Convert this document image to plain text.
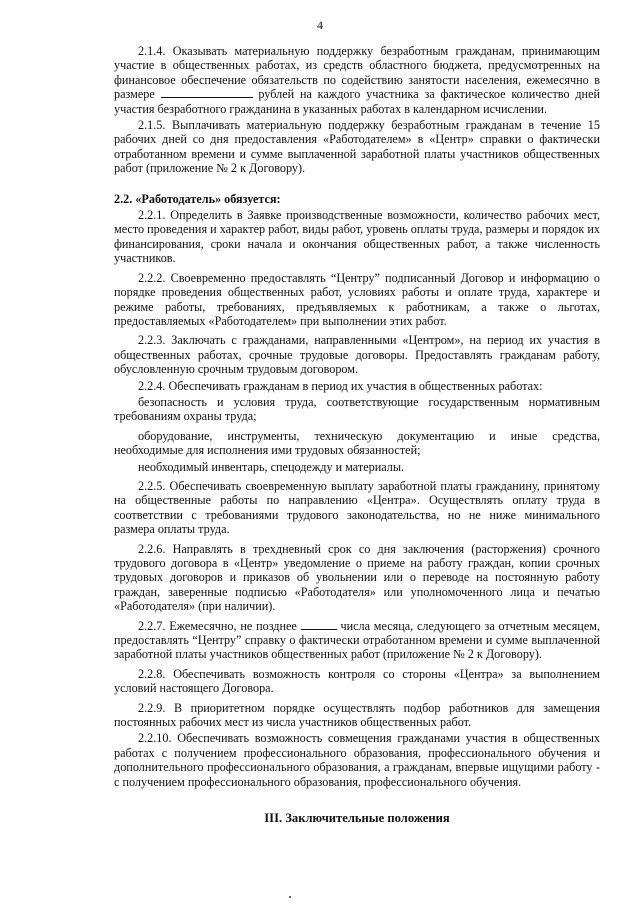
4

2.1.4. Оказывать материальную поддержку безработным гражданам, принимающим участие в общественных работах, из средств областного бюджета, предусмотренных на финансовое обеспечение обязательств по содействию занятости населения, ежемесячно в размере	рублей на каждого участника за фактическое количество дней участия безработного гражданина в указанных работах в календарном исчислении.

2.1.5. Выплачивать материальную поддержку безработным гражданам в течение 15 рабочих дней со дня предоставления «Работодателем» в «Центр» справки о фактически отработанном времени и сумме выплаченной заработной платы участников общественных работ (приложение № 2 к Договору).

2.2. «Работодатель» обязуется:

2.2.1. Определить в Заявке производственные возможности, количество рабочих мест, место проведения и характер работ, виды работ, уровень оплаты труда, размеры и порядок их финансирования, сроки начала и окончания общественных работ, а также численность участников.

2.2.2. Своевременно предоставлять “Центру” подписанный Договор и информацию о порядке проведения общественных работ, условиях работы и оплате труда, характере и режиме работы, требованиях, предъявляемых к работникам, а также о льготах, предоставляемых «Работодателем» при выполнении этих работ.

2.2.3. Заключать с гражданами, направленными «Центром», на период их участия в общественных работах, срочные трудовые договоры. Предоставлять гражданам работу, обусловленную срочным трудовым договором.

2.2.4. Обеспечивать гражданам в период их участия в общественных работах:

безопасность и условия труда, соответствующие государственным нормативным требованиям охраны труда;

оборудование, инструменты, техническую документацию и иные средства, необходимые для исполнения ими трудовых обязанностей;

необходимый инвентарь, спецодежду и материалы.

2.2.5. Обеспечивать своевременную выплату заработной платы гражданину, принятому на общественные работы по направлению «Центра». Осуществлять оплату труда в соответствии с требованиями трудового законодательства, но не ниже минимального размера оплаты труда.

2.2.6. Направлять в трехдневный срок со дня заключения (расторжения) срочного трудового договора в «Центр» уведомление о приеме на работу граждан, копии срочных трудовых договоров и приказов об увольнении или о переводе на постоянную работу граждан, заверенные подписью «Работодателя» или уполномоченного лица и печатью «Работодателя» (при наличии).

2.2.7. Ежемесячно, не позднее	числа месяца, следующего за отчетным месяцем, предоставлять “Центру” справку о фактически отработанном времени и сумме выплаченной заработной платы участников общественных работ (приложение № 2 к Договору).

2.2.8. Обеспечивать возможность контроля со стороны «Центра» за выполнением условий настоящего Договора.

2.2.9. В приоритетном порядке осуществлять подбор работников для замещения постоянных рабочих мест из числа участников общественных работ.

2.2.10. Обеспечивать возможность совмещения гражданами участия в общественных работах с получением профессионального образования, профессионального обучения и дополнительного профессионального образования, а гражданам, впервые ищущими работу - с получением профессионального образования, профессионального обучения.

III. Заключительные положения
